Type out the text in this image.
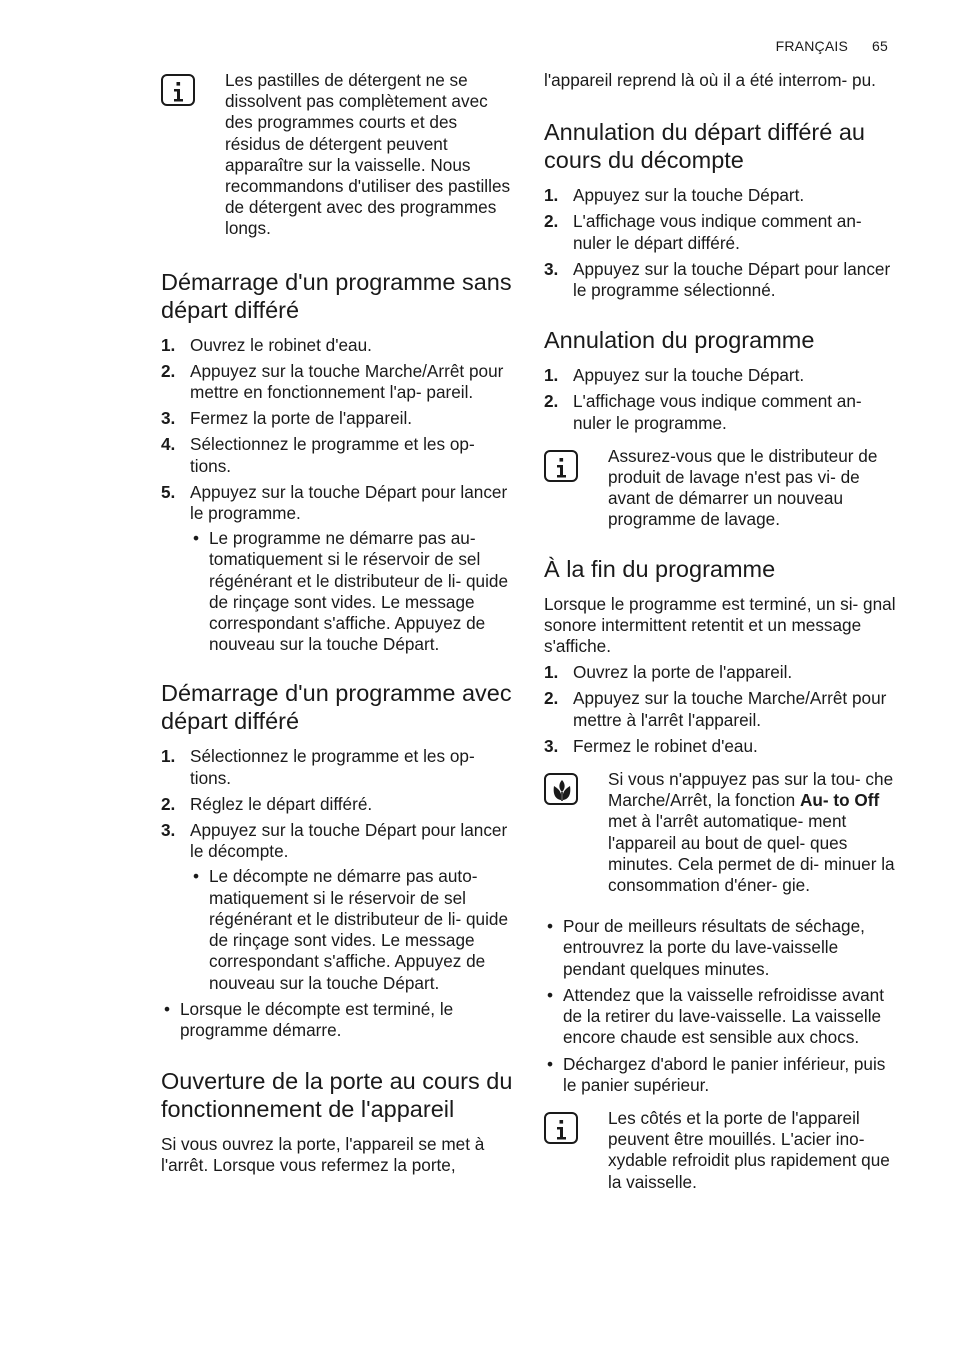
FRANÇAIS 65

Les pastilles de détergent ne se dissolvent pas complètement avec des programmes courts et des résidus de détergent peuvent apparaître sur la vaisselle. Nous recommandons d'utiliser des pastilles de détergent avec des programmes longs.

Démarrage d'un programme sans départ différé
1. Ouvrez le robinet d'eau.
2. Appuyez sur la touche Marche/Arrêt pour mettre en fonctionnement l'ap- pareil.
3. Fermez la porte de l'appareil.
4. Sélectionnez le programme et les op- tions.
5. Appuyez sur la touche Départ pour lancer le programme.
• Le programme ne démarre pas au- tomatiquement si le réservoir de sel régénérant et le distributeur de li- quide de rinçage sont vides. Le message correspondant s'affiche. Appuyez de nouveau sur la touche Départ.
Démarrage d'un programme avec départ différé
1. Sélectionnez le programme et les op- tions.
2. Réglez le départ différé.
3. Appuyez sur la touche Départ pour lancer le décompte.
• Le décompte ne démarre pas auto- matiquement si le réservoir de sel régénérant et le distributeur de li- quide de rinçage sont vides. Le message correspondant s'affiche. Appuyez de nouveau sur la touche Départ.
• Lorsque le décompte est terminé, le programme démarre.
Ouverture de la porte au cours du fonctionnement de l'appareil

Si vous ouvrez la porte, l'appareil se met à l'arrêt. Lorsque vous refermez la porte,

l'appareil reprend là où il a été interrom- pu.

Annulation du départ différé au cours du décompte
1. Appuyez sur la touche Départ.
2. L'affichage vous indique comment an- nuler le départ différé.
3. Appuyez sur la touche Départ pour lancer le programme sélectionné.
Annulation du programme
1. Appuyez sur la touche Départ.
2. L'affichage vous indique comment an- nuler le programme.

Assurez-vous que le distributeur de produit de lavage n'est pas vi- de avant de démarrer un nouveau programme de lavage.

À la fin du programme

Lorsque le programme est terminé, un si- gnal sonore intermittent retentit et un message s'affiche.

1. Ouvrez la porte de l'appareil.
2. Appuyez sur la touche Marche/Arrêt pour mettre à l'arrêt l'appareil.
3. Fermez le robinet d'eau.

Si vous n'appuyez pas sur la tou- che Marche/Arrêt, la fonction Au- to Off met à l'arrêt automatique- ment l'appareil au bout de quel- ques minutes. Cela permet de di- minuer la consommation d'éner- gie.

• Pour de meilleurs résultats de séchage, entrouvrez la porte du lave-vaisselle pendant quelques minutes.
• Attendez que la vaisselle refroidisse avant de la retirer du lave-vaisselle. La vaisselle encore chaude est sensible aux chocs.
• Déchargez d'abord le panier inférieur, puis le panier supérieur.

Les côtés et la porte de l'appareil peuvent être mouillés. L'acier ino- xydable refroidit plus rapidement que la vaisselle.
